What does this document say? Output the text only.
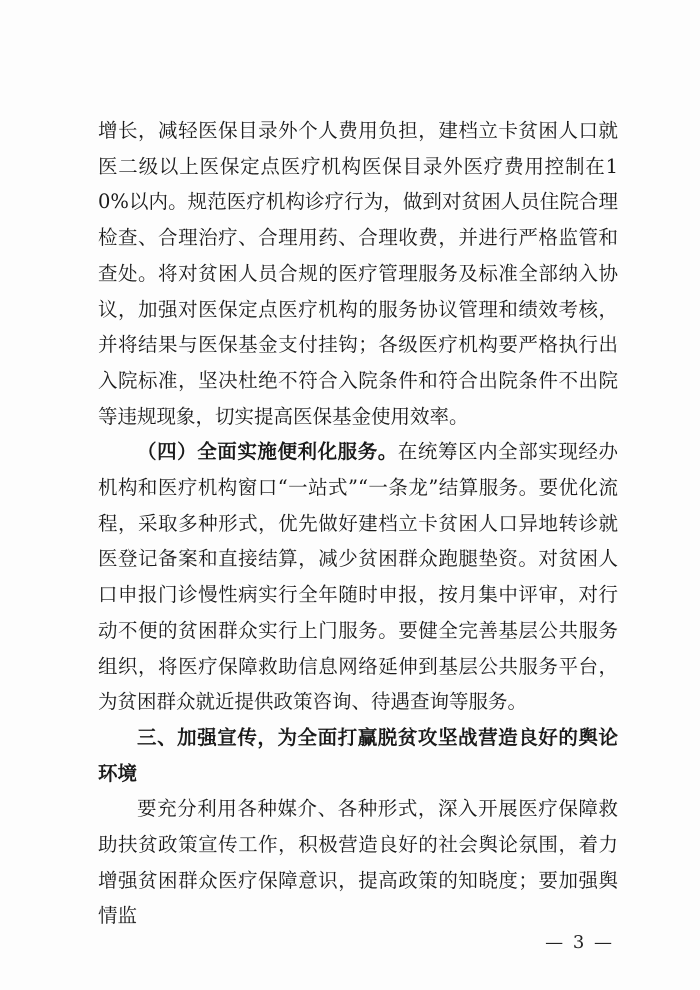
增长，减轻医保目录外个人费用负担，建档立卡贫困人口就医二级以上医保定点医疗机构医保目录外医疗费用控制在10%以内。规范医疗机构诊疗行为，做到对贫困人员住院合理检查、合理治疗、合理用药、合理收费，并进行严格监管和查处。将对贫困人员合规的医疗管理服务及标准全部纳入协议，加强对医保定点医疗机构的服务协议管理和绩效考核，并将结果与医保基金支付挂钩；各级医疗机构要严格执行出入院标准，坚决杜绝不符合入院条件和符合出院条件不出院等违规现象，切实提高医保基金使用效率。

（四）全面实施便利化服务。在统筹区内全部实现经办机构和医疗机构窗口“一站式”“一条龙”结算服务。要优化流程，采取多种形式，优先做好建档立卡贫困人口异地转诊就医登记备案和直接结算，减少贫困群众跑腿垫资。对贫困人口申报门诊慢性病实行全年随时申报，按月集中评审，对行动不便的贫困群众实行上门服务。要健全完善基层公共服务组织，将医疗保障救助信息网络延伸到基层公共服务平台，为贫困群众就近提供政策咨询、待遇查询等服务。

三、加强宣传，为全面打赢脱贫攻坚战营造良好的舆论环境

要充分利用各种媒介、各种形式，深入开展医疗保障救助扶贫政策宣传工作，积极营造良好的社会舆论氛围，着力增强贫困群众医疗保障意识，提高政策的知晓度；要加强舆情监

— 3 —
